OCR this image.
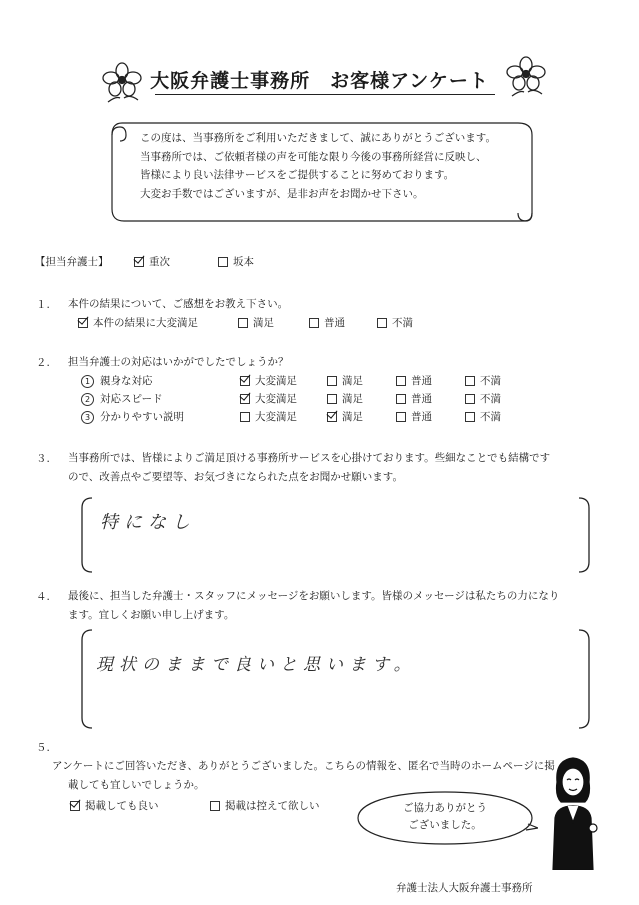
大阪弁護士事務所　お客様アンケート
この度は、当事務所をご利用いただきまして、誠にありがとうございます。
当事務所では、ご依頼者様の声を可能な限り今後の事務所経営に反映し、
皆様により良い法律サービスをご提供することに努めております。
大変お手数ではございますが、是非お声をお聞かせ下さい。
【担当弁護士】	重次	坂本
１. 本件の結果について、ご感想をお教え下さい。
本件の結果に大変満足	満足	普通	不満
２. 担当弁護士の対応はいかがでしたでしょうか？
1 親身な対応	大変満足	満足	普通	不満
2 対応スピード	大変満足	満足	普通	不満
3 分かりやすい説明	大変満足	満足	普通	不満
３. 当事務所では、皆様によりご満足頂ける事務所サービスを心掛けております。些細なことでも結構です
ので、改善点やご要望等、お気づきになられた点をお聞かせ願います。
特になし
４. 最後に、担当した弁護士・スタッフにメッセージをお願いします。皆様のメッセージは私たちの力になり
ます。宜しくお願い申し上げます。
現状のままで良いと思います。
５.
アンケートにご回答いただき、ありがとうございました。こちらの情報を、匿名で当時のホームページに掲
載しても宜しいでしょうか。
掲載しても良い	掲載は控えて欲しい	ご協力ありがとう
ございました。
弁護士法人大阪弁護士事務所
